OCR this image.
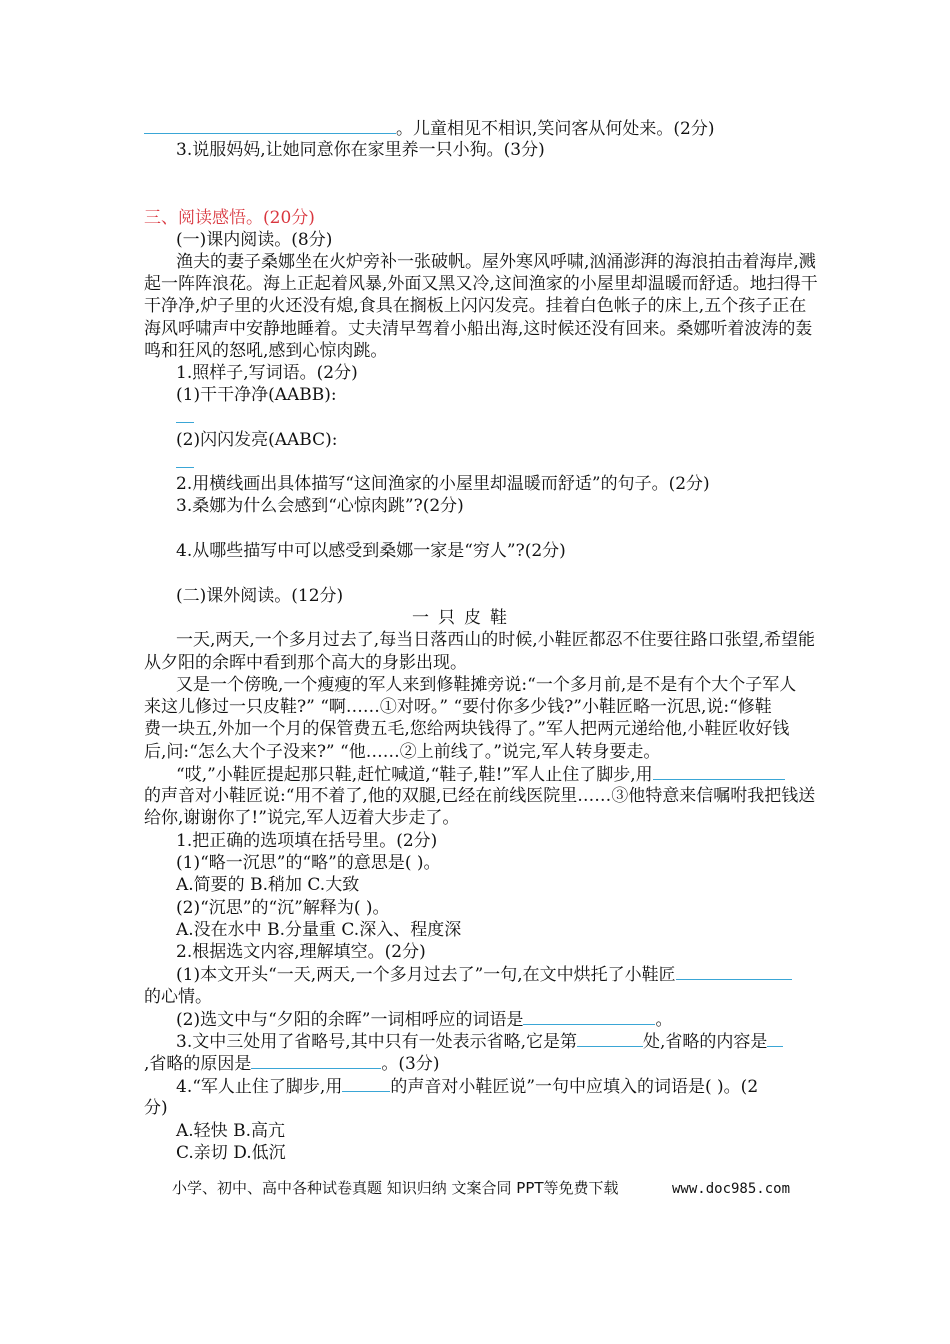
。儿童相见不相识,笑问客从何处来。(2分)
3.说服妈妈,让她同意你在家里养一只小狗。(3分)
三、阅读感悟。(20分)
(一)课内阅读。(8分)
渔夫的妻子桑娜坐在火炉旁补一张破帆。屋外寒风呼啸,汹涌澎湃的海浪拍击着海岸,溅
起一阵阵浪花。海上正起着风暴,外面又黑又冷,这间渔家的小屋里却温暖而舒适。地扫得干
干净净,炉子里的火还没有熄,食具在搁板上闪闪发亮。挂着白色帐子的床上,五个孩子正在
海风呼啸声中安静地睡着。丈夫清早驾着小船出海,这时候还没有回来。桑娜听着波涛的轰
鸣和狂风的怒吼,感到心惊肉跳。
1.照样子,写词语。(2分)
(1)干干净净(AABB):
(2)闪闪发亮(AABC):
2.用横线画出具体描写“这间渔家的小屋里却温暖而舒适”的句子。(2分)
3.桑娜为什么会感到“心惊肉跳”?(2分)
4.从哪些描写中可以感受到桑娜一家是“穷人”?(2分)
(二)课外阅读。(12分)
一只皮鞋
一天,两天,一个多月过去了,每当日落西山的时候,小鞋匠都忍不住要往路口张望,希望能
从夕阳的余晖中看到那个高大的身影出现。
又是一个傍晚,一个瘦瘦的军人来到修鞋摊旁说:“一个多月前,是不是有个大个子军人
来这儿修过一只皮鞋?” “啊……①对呀。” “要付你多少钱?”小鞋匠略一沉思,说:“修鞋
费一块五,外加一个月的保管费五毛,您给两块钱得了。”军人把两元递给他,小鞋匠收好钱
后,问:“怎么大个子没来?” “他……②上前线了。”说完,军人转身要走。
“哎,”小鞋匠提起那只鞋,赶忙喊道,“鞋子,鞋!”军人止住了脚步,用
的声音对小鞋匠说:“用不着了,他的双腿,已经在前线医院里……③他特意来信嘱咐我把钱送
给你,谢谢你了!”说完,军人迈着大步走了。
1.把正确的选项填在括号里。(2分)
(1)“略一沉思”的“略”的意思是( )。
A.简要的 B.稍加 C.大致
(2)“沉思”的“沉”解释为( )。
A.没在水中 B.分量重 C.深入、程度深
2.根据选文内容,理解填空。(2分)
(1)本文开头“一天,两天,一个多月过去了”一句,在文中烘托了小鞋匠
的心情。
(2)选文中与“夕阳的余晖”一词相呼应的词语是	。
3.文中三处用了省略号,其中只有一处表示省略,它是第	处,省略的内容是
,省略的原因是	。(3分)
4.“军人止住了脚步,用	的声音对小鞋匠说”一句中应填入的词语是( )。(2
分)
A.轻快 B.高亢
C.亲切 D.低沉
小学、初中、高中各种试卷真题 知识归纳 文案合同 PPT等免费下载	www.doc985.com
